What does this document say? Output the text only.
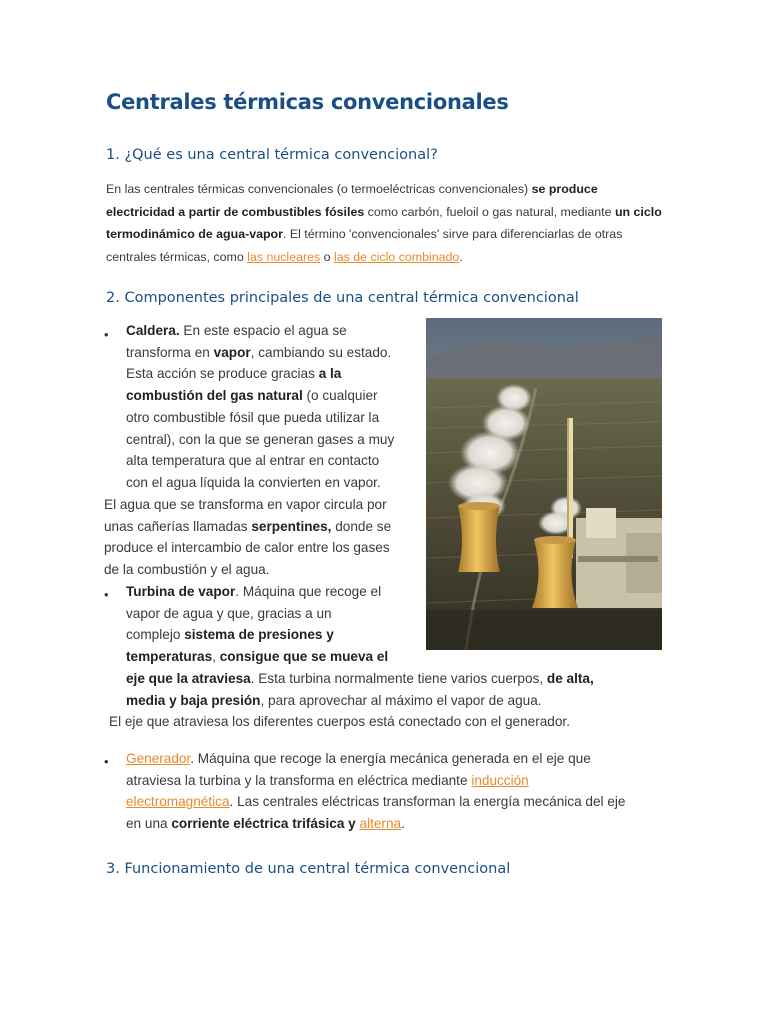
Centrales térmicas convencionales
1. ¿Qué es una central térmica convencional?

En las centrales térmicas convencionales (o termoeléctricas convencionales) se produce electricidad a partir de combustibles fósiles como carbón, fueloil o gas natural, mediante un ciclo termodinámico de agua-vapor. El término 'convencionales' sirve para diferenciarlas de otras centrales térmicas, como las nucleares o las de ciclo combinado.

2. Componentes principales de una central térmica convencional
•
•
•
Caldera. En este espacio el agua se
transforma en vapor, cambiando su estado.
Esta acción se produce gracias a la
combustión del gas natural (o cualquier
otro combustible fósil que pueda utilizar la
central), con la que se generan gases a muy
alta temperatura que al entrar en contacto
con el agua líquida la convierten en vapor.
El agua que se transforma en vapor circula por
unas cañerías llamadas serpentines, donde se
produce el intercambio de calor entre los gases
de la combustión y el agua.
Turbina de vapor. Máquina que recoge el
vapor de agua y que, gracias a un
complejo sistema de presiones y
temperaturas, consigue que se mueva el
eje que la atraviesa. Esta turbina normalmente tiene varios cuerpos, de alta,
media y baja presión, para aprovechar al máximo el vapor de agua.
El eje que atraviesa los diferentes cuerpos está conectado con el generador.
Generador. Máquina que recoge la energía mecánica generada en el eje que
atraviesa la turbina y la transforma en eléctrica mediante inducción
electromagnética. Las centrales eléctricas transforman la energía mecánica del eje
en una corriente eléctrica trifásica y alterna.
3. Funcionamiento de una central térmica convencional
